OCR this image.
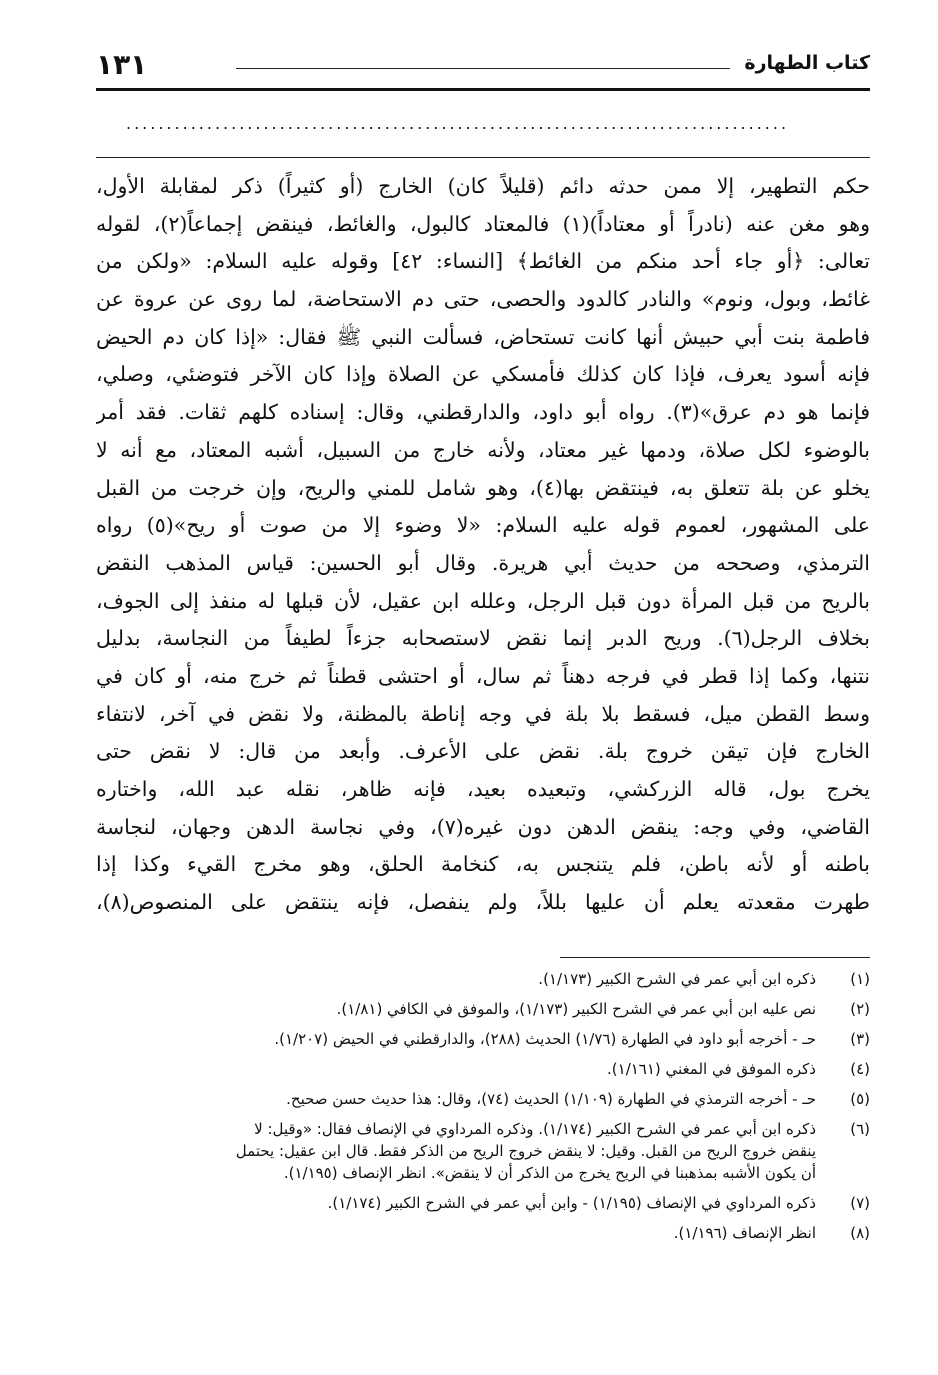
كتاب الطهارة
١٣١
..................................................................................
حكم التطهير، إلا ممن حدثه دائم (قليلاً كان) الخارج (أو كثيراً) ذكر لمقابلة الأول،
وهو مغن عنه (نادراً أو معتاداً)(١) فالمعتاد كالبول، والغائط، فينقض إجماعاً(٢)، لقوله
تعالى: ﴿أو جاء أحد منكم من الغائط﴾ [النساء: ٤٢] وقوله عليه السلام: «ولكن من
غائط، وبول، ونوم» والنادر كالدود والحصى، حتى دم الاستحاضة، لما روى عن عروة عن
فاطمة بنت أبي حبيش أنها كانت تستحاض، فسألت النبي ﷺ فقال: «إذا كان دم الحيض
فإنه أسود يعرف، فإذا كان كذلك فأمسكي عن الصلاة وإذا كان الآخر فتوضئي، وصلي،
فإنما هو دم عرق»(٣). رواه أبو داود، والدارقطني، وقال: إسناده كلهم ثقات. فقد أمر
بالوضوء لكل صلاة، ودمها غير معتاد، ولأنه خارج من السبيل، أشبه المعتاد، مع أنه لا
يخلو عن بلة تتعلق به، فينتقض بها(٤)، وهو شامل للمني والريح، وإن خرجت من القبل
على المشهور، لعموم قوله عليه السلام: «لا وضوء إلا من صوت أو ريح»(٥) رواه
الترمذي، وصححه من حديث أبي هريرة. وقال أبو الحسين: قياس المذهب النقض
بالريح من قبل المرأة دون قبل الرجل، وعلله ابن عقيل، لأن قبلها له منفذ إلى الجوف،
بخلاف الرجل(٦). وريح الدبر إنما نقض لاستصحابه جزءاً لطيفاً من النجاسة، بدليل
نتنها، وكما إذا قطر في فرجه دهناً ثم سال، أو احتشى قطناً ثم خرج منه، أو كان في
وسط القطن ميل، فسقط بلا بلة في وجه إناطة بالمظنة، ولا نقض في آخر، لانتفاء
الخارج فإن تيقن خروج بلة. نقض على الأعرف. وأبعد من قال: لا نقض حتى
يخرج بول، قاله الزركشي، وتبعيده بعيد، فإنه ظاهر، نقله عبد الله، واختاره
القاضي، وفي وجه: ينقض الدهن دون غيره(٧)، وفي نجاسة الدهن وجهان، لنجاسة
باطنه أو لأنه باطن، فلم يتنجس به، كنخامة الحلق، وهو مخرج القيء وكذا إذا
طهرت مقعدته يعلم أن عليها بللاً، ولم ينفصل، فإنه ينتقض على المنصوص(٨)،
(١)
ذكره ابن أبي عمر في الشرح الكبير (١/١٧٣).
(٢)
نص عليه ابن أبي عمر في الشرح الكبير (١/١٧٣)، والموفق في الكافي (١/٨١).
(٣)
حـ - أخرجه أبو داود في الطهارة (١/٧٦) الحديث (٢٨٨)، والدارقطني في الحيض (١/٢٠٧).
(٤)
ذكره الموفق في المغني (١/١٦١).
(٥)
حـ - أخرجه الترمذي في الطهارة (١/١٠٩) الحديث (٧٤)، وقال: هذا حديث حسن صحيح.
(٦)
ذكره ابن أبي عمر في الشرح الكبير (١/١٧٤). وذكره المرداوي في الإنصاف فقال: «وقيل: لا
ينقض خروج الريح من القبل. وقيل: لا ينقض خروج الريح من الذكر فقط. قال ابن عقيل: يحتمل
أن يكون الأشبه بمذهبنا في الريح يخرج من الذكر أن لا ينقض». انظر الإنصاف (١/١٩٥).
(٧)
ذكره المرداوي في الإنصاف (١/١٩٥) - وابن أبي عمر في الشرح الكبير (١/١٧٤).
(٨)
انظر الإنصاف (١/١٩٦).
